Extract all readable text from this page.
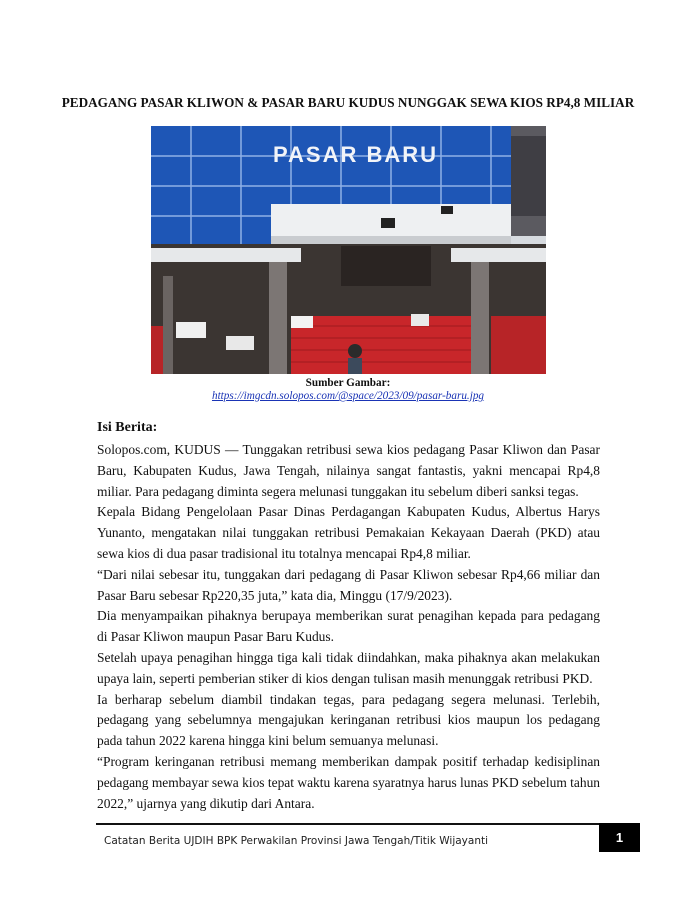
PEDAGANG PASAR KLIWON & PASAR BARU KUDUS NUNGGAK SEWA KIOS RP4,8 MILIAR
PASAR BARU
Sumber Gambar:
https://imgcdn.solopos.com/@space/2023/09/pasar-baru.jpg
Isi Berita:

Solopos.com, KUDUS — Tunggakan retribusi sewa kios pedagang Pasar Kliwon dan Pasar Baru, Kabupaten Kudus, Jawa Tengah, nilainya sangat fantastis, yakni mencapai Rp4,8 miliar. Para pedagang diminta segera melunasi tunggakan itu sebelum diberi sanksi tegas.

Kepala Bidang Pengelolaan Pasar Dinas Perdagangan Kabupaten Kudus, Albertus Harys Yunanto, mengatakan nilai tunggakan retribusi Pemakaian Kekayaan Daerah (PKD) atau sewa kios di dua pasar tradisional itu totalnya mencapai Rp4,8 miliar.

“Dari nilai sebesar itu, tunggakan dari pedagang di Pasar Kliwon sebesar Rp4,66 miliar dan Pasar Baru sebesar Rp220,35 juta,” kata dia, Minggu (17/9/2023).

Dia menyampaikan pihaknya berupaya memberikan surat penagihan kepada para pedagang di Pasar Kliwon maupun Pasar Baru Kudus.

Setelah upaya penagihan hingga tiga kali tidak diindahkan, maka pihaknya akan melakukan upaya lain, seperti pemberian stiker di kios dengan tulisan masih menunggak retribusi PKD.

Ia berharap sebelum diambil tindakan tegas, para pedagang segera melunasi. Terlebih, pedagang yang sebelumnya mengajukan keringanan retribusi kios maupun los pedagang pada tahun 2022 karena hingga kini belum semuanya melunasi.

“Program keringanan retribusi memang memberikan dampak positif terhadap kedisiplinan pedagang membayar sewa kios tepat waktu karena syaratnya harus lunas PKD sebelum tahun 2022,” ujarnya yang dikutip dari Antara.

Catatan Berita UJDIH BPK Perwakilan Provinsi Jawa Tengah/Titik Wijayanti	1
